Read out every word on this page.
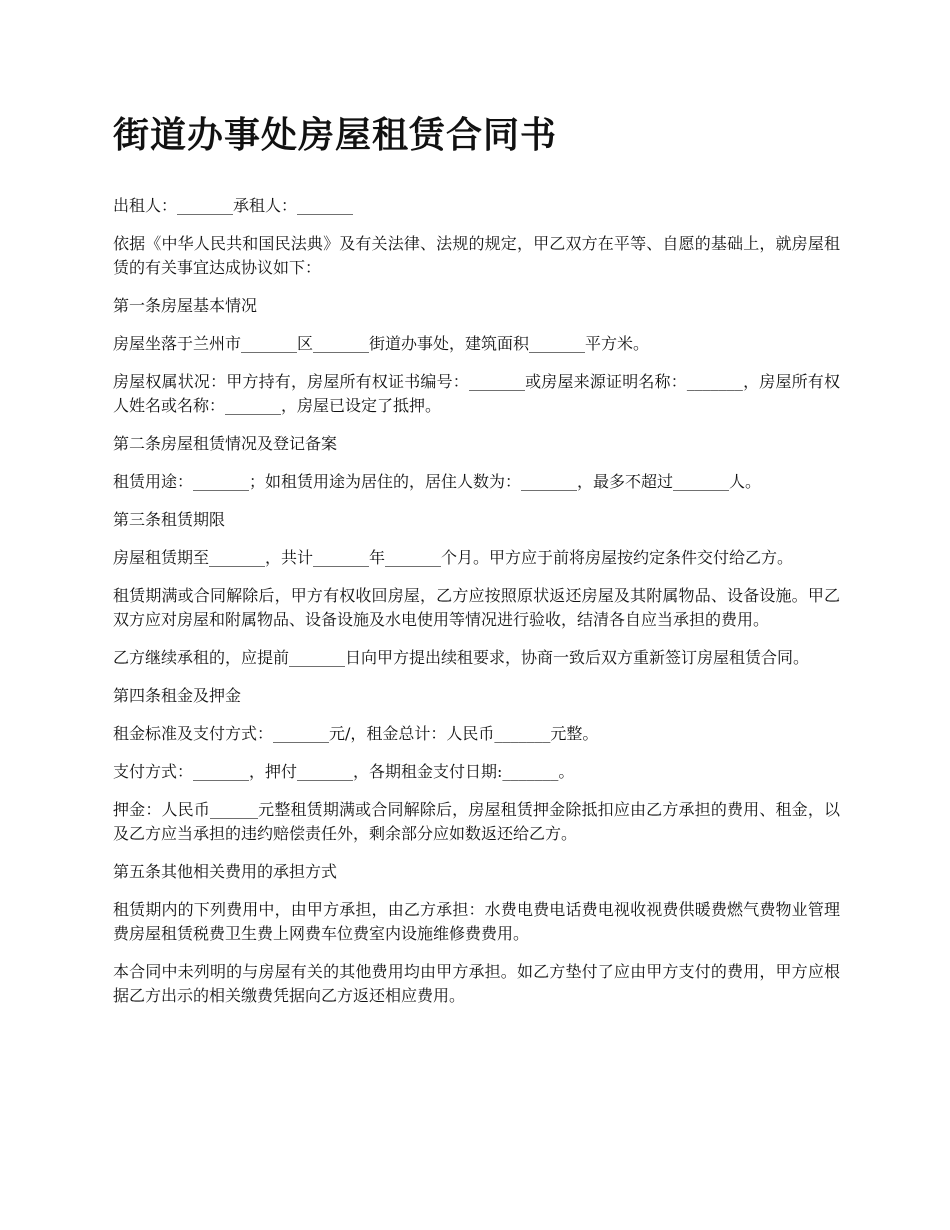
街道办事处房屋租赁合同书

出租人：_______承租人：_______

依据《中华人民共和国民法典》及有关法律、法规的规定，甲乙双方在平等、自愿的基础上，就房屋租赁的有关事宜达成协议如下：

第一条房屋基本情况

房屋坐落于兰州市_______区_______街道办事处，建筑面积_______平方米。

房屋权属状况：甲方持有，房屋所有权证书编号：_______或房屋来源证明名称：_______，房屋所有权人姓名或名称：_______，房屋已设定了抵押。

第二条房屋租赁情况及登记备案

租赁用途：_______；如租赁用途为居住的，居住人数为：_______，最多不超过_______人。

第三条租赁期限

房屋租赁期至_______，共计_______年_______个月。甲方应于前将房屋按约定条件交付给乙方。

租赁期满或合同解除后，甲方有权收回房屋，乙方应按照原状返还房屋及其附属物品、设备设施。甲乙双方应对房屋和附属物品、设备设施及水电使用等情况进行验收，结清各自应当承担的费用。

乙方继续承租的，应提前_______日向甲方提出续租要求，协商一致后双方重新签订房屋租赁合同。

第四条租金及押金

租金标准及支付方式：_______元/，租金总计：人民币_______元整。

支付方式：_______，押付_______，各期租金支付日期:_______。

押金：人民币______元整租赁期满或合同解除后，房屋租赁押金除抵扣应由乙方承担的费用、租金，以及乙方应当承担的违约赔偿责任外，剩余部分应如数返还给乙方。

第五条其他相关费用的承担方式

租赁期内的下列费用中，由甲方承担，由乙方承担：水费电费电话费电视收视费供暖费燃气费物业管理费房屋租赁税费卫生费上网费车位费室内设施维修费费用。

本合同中未列明的与房屋有关的其他费用均由甲方承担。如乙方垫付了应由甲方支付的费用，甲方应根据乙方出示的相关缴费凭据向乙方返还相应费用。
